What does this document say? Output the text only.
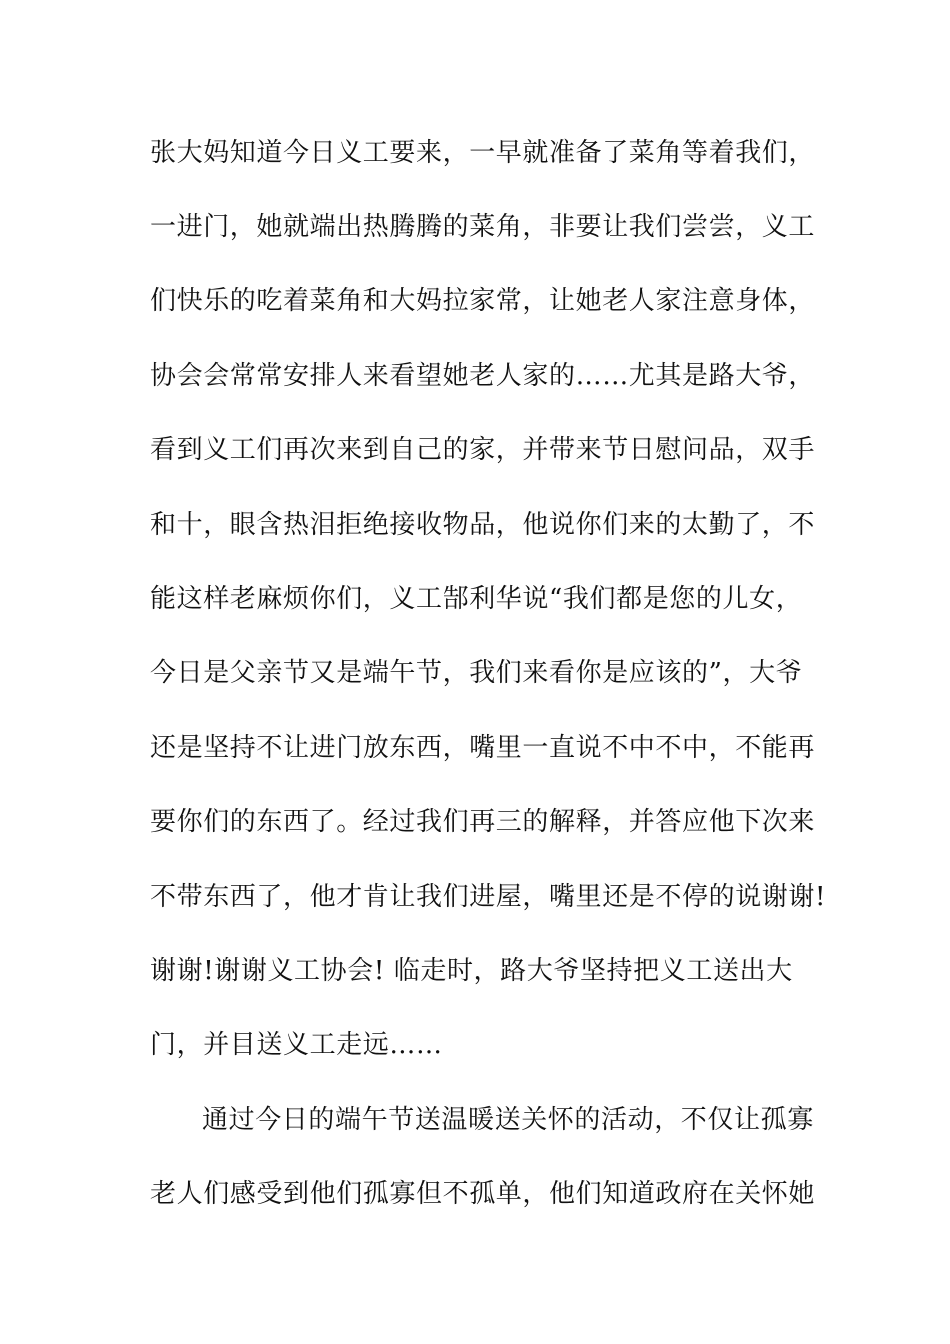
张大妈知道今日义工要来，一早就准备了菜角等着我们，
一进门，她就端出热腾腾的菜角，非要让我们尝尝，义工
们快乐的吃着菜角和大妈拉家常，让她老人家注意身体，
协会会常常安排人来看望她老人家的……尤其是路大爷，
看到义工们再次来到自己的家，并带来节日慰问品，双手
和十，眼含热泪拒绝接收物品，他说你们来的太勤了，不
能这样老麻烦你们，义工郜利华说“我们都是您的儿女，
今日是父亲节又是端午节，我们来看你是应该的”，大爷
还是坚持不让进门放东西，嘴里一直说不中不中，不能再
要你们的东西了。经过我们再三的解释，并答应他下次来
不带东西了，他才肯让我们进屋，嘴里还是不停的说谢谢!
谢谢!谢谢义工协会! 临走时，路大爷坚持把义工送出大
门，并目送义工走远……
通过今日的端午节送温暖送关怀的活动，不仅让孤寡
老人们感受到他们孤寡但不孤单，他们知道政府在关怀她
